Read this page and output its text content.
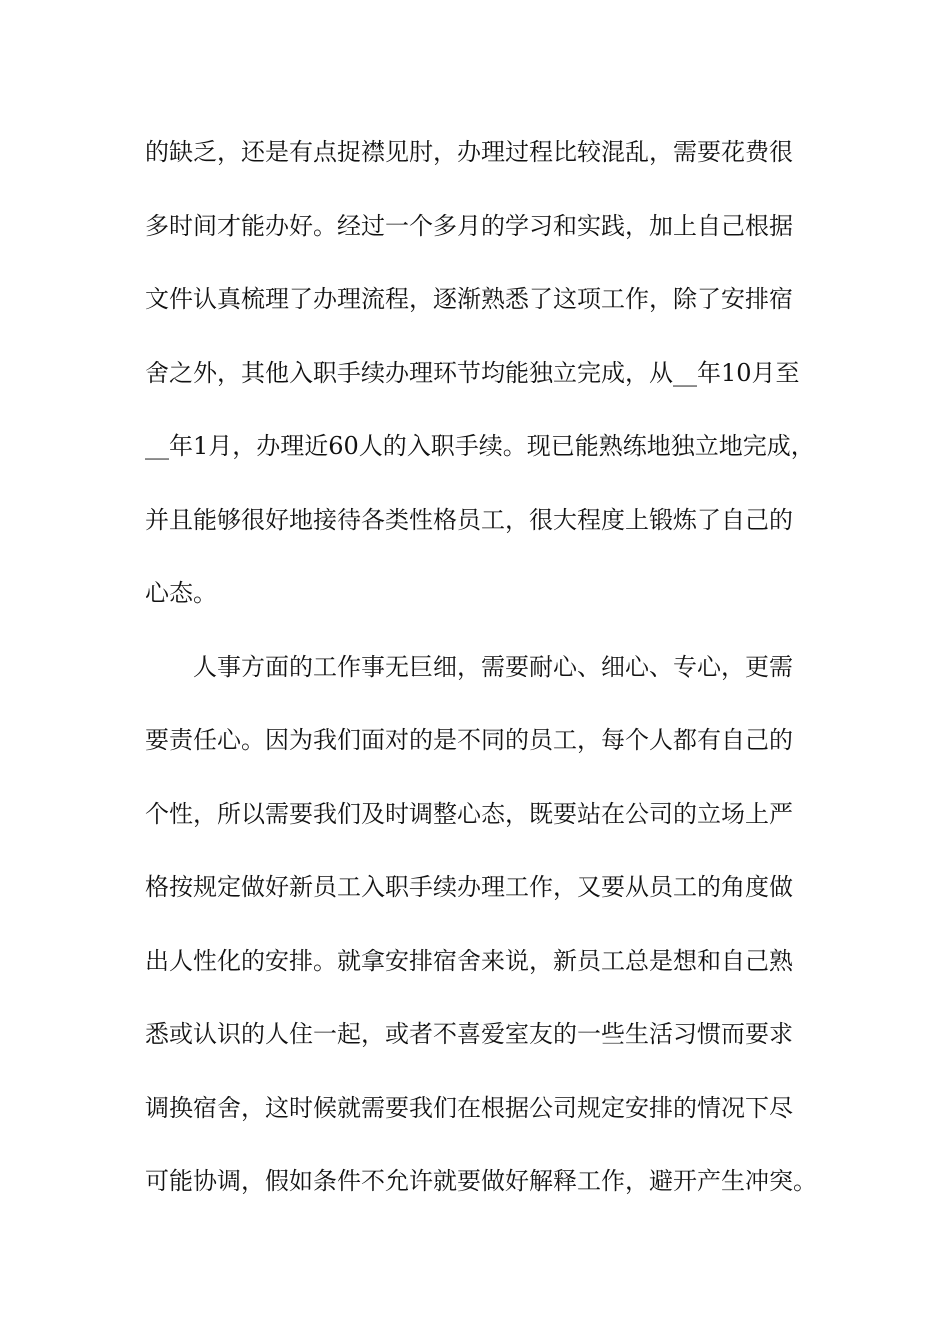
的缺乏，还是有点捉襟见肘，办理过程比较混乱，需要花费很
多时间才能办好。经过一个多月的学习和实践，加上自己根据
文件认真梳理了办理流程，逐渐熟悉了这项工作，除了安排宿
舍之外，其他入职手续办理环节均能独立完成，从__年10月至
__年1月，办理近60人的入职手续。现已能熟练地独立地完成，
并且能够很好地接待各类性格员工，很大程度上锻炼了自己的
心态。
人事方面的工作事无巨细，需要耐心、细心、专心，更需
要责任心。因为我们面对的是不同的员工，每个人都有自己的
个性，所以需要我们及时调整心态，既要站在公司的立场上严
格按规定做好新员工入职手续办理工作，又要从员工的角度做
出人性化的安排。就拿安排宿舍来说，新员工总是想和自己熟
悉或认识的人住一起，或者不喜爱室友的一些生活习惯而要求
调换宿舍，这时候就需要我们在根据公司规定安排的情况下尽
可能协调，假如条件不允许就要做好解释工作，避开产生冲突。
